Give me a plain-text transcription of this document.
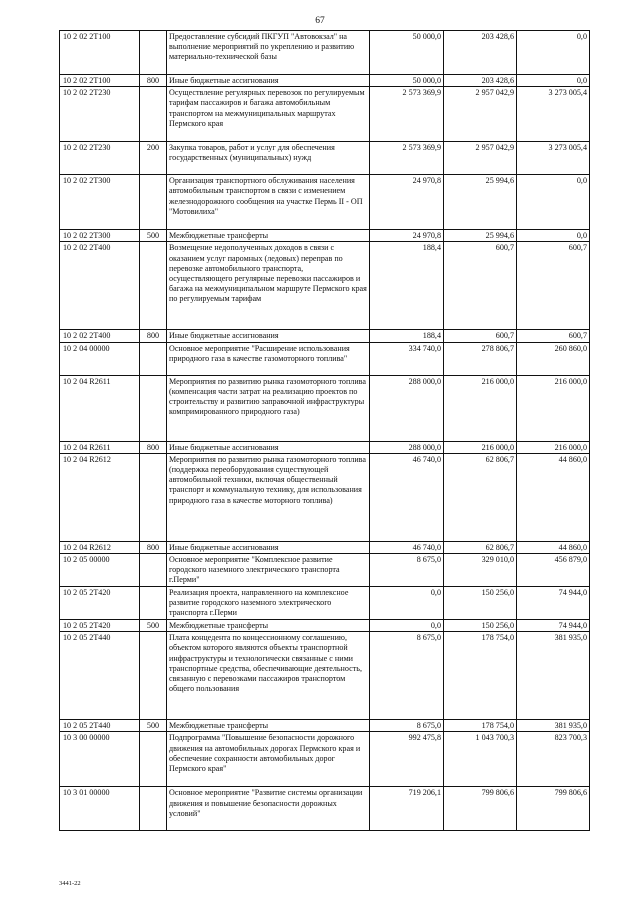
67
10 2 02 2Т100		Предоставление субсидий ПКГУП "Автовокзал" на выполнение мероприятий по укреплению и развитию материально-технической базы	50 000,0	203 428,6	0,0
10 2 02 2Т100	800	Иные бюджетные ассигнования	50 000,0	203 428,6	0,0
10 2 02 2Т230		Осуществление регулярных перевозок по регулируемым тарифам пассажиров и багажа автомобильным транспортом на межмуниципальных маршрутах Пермского края	2 573 369,9	2 957 042,9	3 273 005,4
10 2 02 2Т230	200	Закупка товаров, работ и услуг для обеспечения государственных (муниципальных) нужд	2 573 369,9	2 957 042,9	3 273 005,4
10 2 02 2Т300		Организация транспортного обслуживания населения автомобильным транспортом в связи с изменением железнодорожного сообщения на участке Пермь II - ОП "Мотовилиха"	24 970,8	25 994,6	0,0
10 2 02 2Т300	500	Межбюджетные трансферты	24 970,8	25 994,6	0,0
10 2 02 2Т400		Возмещение недополученных доходов в связи с оказанием услуг паромных (ледовых) переправ по перевозке автомобильного транспорта, осуществляющего регулярные перевозки пассажиров и багажа на межмуниципальном маршруте Пермского края по регулируемым тарифам	188,4	600,7	600,7
10 2 02 2Т400	800	Иные бюджетные ассигнования	188,4	600,7	600,7
10 2 04 00000		Основное мероприятие "Расширение использования природного газа в качестве газомоторного топлива"	334 740,0	278 806,7	260 860,0
10 2 04 R2611		Мероприятия по развитию рынка газомоторного топлива (компенсация части затрат на реализацию проектов по строительству и развитию заправочной инфраструктуры компримированного природного газа)	288 000,0	216 000,0	216 000,0
10 2 04 R2611	800	Иные бюджетные ассигнования	288 000,0	216 000,0	216 000,0
10 2 04 R2612		Мероприятия по развитию рынка газомоторного топлива (поддержка переоборудования существующей автомобильной техники, включая общественный транспорт и коммунальную технику, для использования природного газа в качестве моторного топлива)	46 740,0	62 806,7	44 860,0
10 2 04 R2612	800	Иные бюджетные ассигнования	46 740,0	62 806,7	44 860,0
10 2 05 00000		Основное мероприятие "Комплексное развитие городского наземного электрического транспорта г.Перми"	8 675,0	329 010,0	456 879,0
10 2 05 2Т420		Реализация проекта, направленного на комплексное развитие городского наземного электрического транспорта г.Перми	0,0	150 256,0	74 944,0
10 2 05 2Т420	500	Межбюджетные трансферты	0,0	150 256,0	74 944,0
10 2 05 2Т440		Плата концедента по концессионному соглашению, объектом которого являются объекты транспортной инфраструктуры и технологически связанные с ними транспортные средства, обеспечивающие деятельность, связанную с перевозками пассажиров транспортом общего пользования	8 675,0	178 754,0	381 935,0
10 2 05 2Т440	500	Межбюджетные трансферты	8 675,0	178 754,0	381 935,0
10 3 00 00000		Подпрограмма "Повышение безопасности дорожного движения на автомобильных дорогах Пермского края и обеспечение сохранности автомобильных дорог Пермского края"	992 475,8	1 043 700,3	823 700,3
10 3 01 00000		Основное мероприятие "Развитие системы организации движения и повышение безопасности дорожных условий"	719 206,1	799 806,6	799 806,6
3441-22
